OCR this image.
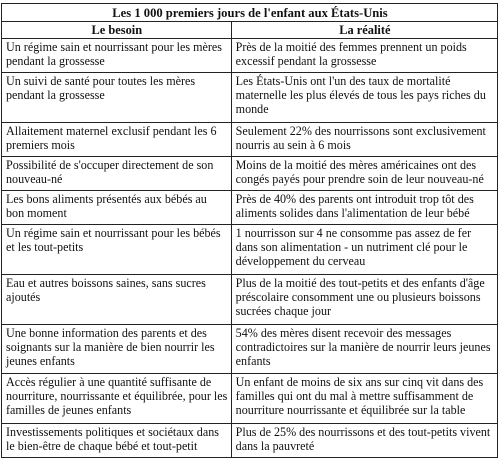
Les 1 000 premiers jours de l'enfant aux États-Unis	
Le besoin	La réalité
Un régime sain et nourrissant pour les mères pendant la grossesse	Près de la moitié des femmes prennent un poids excessif pendant la grossesse
Un suivi de santé pour toutes les mères pendant la grossesse	Les États-Unis ont l'un des taux de mortalité maternelle les plus élevés de tous les pays riches du monde
Allaitement maternel exclusif pendant les 6 premiers mois	Seulement 22% des nourrissons sont exclusivement nourris au sein à 6 mois
Possibilité de s'occuper directement de son nouveau-né	Moins de la moitié des mères américaines ont des congés payés pour prendre soin de leur nouveau-né
Les bons aliments présentés aux bébés au bon moment	Près de 40% des parents ont introduit trop tôt des aliments solides dans l'alimentation de leur bébé
Un régime sain et nourrissant pour les bébés et les tout-petits	1 nourrisson sur 4 ne consomme pas assez de fer dans son alimentation - un nutriment clé pour le développement du cerveau
Eau et autres boissons saines, sans sucres ajoutés	Plus de la moitié des tout-petits et des enfants d'âge préscolaire consomment une ou plusieurs boissons sucrées chaque jour
Une bonne information des parents et des soignants sur la manière de bien nourrir les jeunes enfants	54% des mères disent recevoir des messages contradictoires sur la manière de nourrir leurs jeunes enfants
Accès régulier à une quantité suffisante de nourriture, nourrissante et équilibrée, pour les familles de jeunes enfants	Un enfant de moins de six ans sur cinq vit dans des familles qui ont du mal à mettre suffisamment de nourriture nourrissante et équilibrée sur la table
Investissements politiques et sociétaux dans le bien-être de chaque bébé et tout-petit	Plus de 25% des nourrissons et des tout-petits vivent dans la pauvreté
